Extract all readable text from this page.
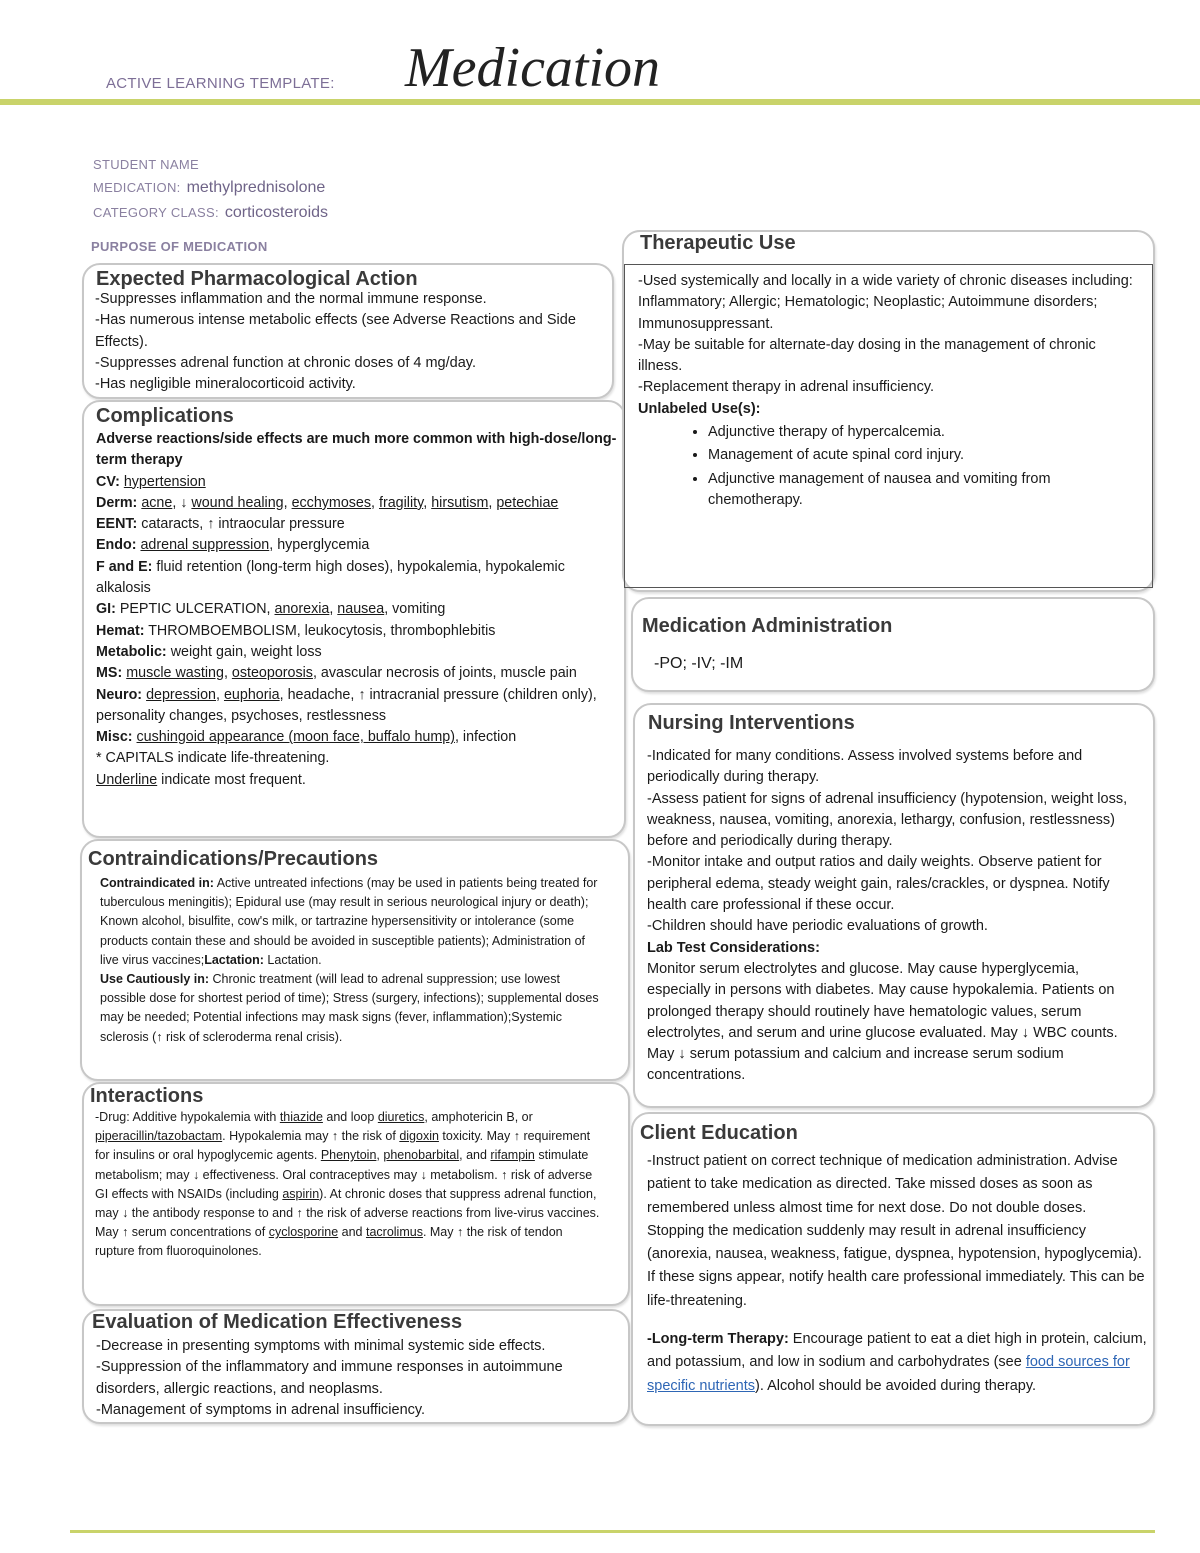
ACTIVE LEARNING TEMPLATE: Medication
STUDENT NAME
MEDICATION: methylprednisolone
CATEGORY CLASS: corticosteroids
PURPOSE OF MEDICATION
Expected Pharmacological Action

-Suppresses inflammation and the normal immune response.

-Has numerous intense metabolic effects (see Adverse Reactions and Side Effects).

-Suppresses adrenal function at chronic doses of 4 mg/day.

-Has negligible mineralocorticoid activity.

Complications

Adverse reactions/side effects are much more common with high-dose/long-term therapy

CV: hypertension

Derm: acne, ↓ wound healing, ecchymoses, fragility, hirsutism, petechiae

EENT: cataracts, ↑ intraocular pressure

Endo: adrenal suppression, hyperglycemia

F and E: fluid retention (long-term high doses), hypokalemia, hypokalemic alkalosis

GI: PEPTIC ULCERATION, anorexia, nausea, vomiting

Hemat: THROMBOEMBOLISM, leukocytosis, thrombophlebitis

Metabolic: weight gain, weight loss

MS: muscle wasting, osteoporosis, avascular necrosis of joints, muscle pain

Neuro: depression, euphoria, headache, ↑ intracranial pressure (children only), personality changes, psychoses, restlessness

Misc: cushingoid appearance (moon face, buffalo hump), infection

* CAPITALS indicate life-threatening.

Underline indicate most frequent.

Contraindications/Precautions

Contraindicated in: Active untreated infections (may be used in patients being treated for tuberculous meningitis); Epidural use (may result in serious neurological injury or death); Known alcohol, bisulfite, cow's milk, or tartrazine hypersensitivity or intolerance (some products contain these and should be avoided in susceptible patients); Administration of live virus vaccines;Lactation: Lactation.

Use Cautiously in: Chronic treatment (will lead to adrenal suppression; use lowest possible dose for shortest period of time); Stress (surgery, infections); supplemental doses may be needed; Potential infections may mask signs (fever, inflammation);Systemic sclerosis (↑ risk of scleroderma renal crisis).

Interactions

-Drug: Additive hypokalemia with thiazide and loop diuretics, amphotericin B, or piperacillin/tazobactam. Hypokalemia may ↑ the risk of digoxin toxicity. May ↑ requirement for insulins or oral hypoglycemic agents. Phenytoin, phenobarbital, and rifampin stimulate metabolism; may ↓ effectiveness. Oral contraceptives may ↓ metabolism. ↑ risk of adverse GI effects with NSAIDs (including aspirin). At chronic doses that suppress adrenal function, may ↓ the antibody response to and ↑ the risk of adverse reactions from live-virus vaccines. May ↑ serum concentrations of cyclosporine and tacrolimus. May ↑ the risk of tendon rupture from fluoroquinolones.

Evaluation of Medication Effectiveness

-Decrease in presenting symptoms with minimal systemic side effects.

-Suppression of the inflammatory and immune responses in autoimmune disorders, allergic reactions, and neoplasms.

-Management of symptoms in adrenal insufficiency.

Therapeutic Use

-Used systemically and locally in a wide variety of chronic diseases including: Inflammatory; Allergic; Hematologic; Neoplastic; Autoimmune disorders; Immunosuppressant.

-May be suitable for alternate-day dosing in the management of chronic illness.

-Replacement therapy in adrenal insufficiency.

Unlabeled Use(s):

• Adjunctive therapy of hypercalcemia.
• Management of acute spinal cord injury.
• Adjunctive management of nausea and vomiting from chemotherapy.
Medication Administration
-PO; -IV; -IM
Nursing Interventions

-Indicated for many conditions. Assess involved systems before and periodically during therapy.

-Assess patient for signs of adrenal insufficiency (hypotension, weight loss, weakness, nausea, vomiting, anorexia, lethargy, confusion, restlessness) before and periodically during therapy.

-Monitor intake and output ratios and daily weights. Observe patient for peripheral edema, steady weight gain, rales/crackles, or dyspnea. Notify health care professional if these occur.

-Children should have periodic evaluations of growth.

Lab Test Considerations:

Monitor serum electrolytes and glucose. May cause hyperglycemia, especially in persons with diabetes. May cause hypokalemia. Patients on prolonged therapy should routinely have hematologic values, serum electrolytes, and serum and urine glucose evaluated. May ↓ WBC counts. May ↓ serum potassium and calcium and increase serum sodium concentrations.

Client Education

-Instruct patient on correct technique of medication administration. Advise patient to take medication as directed. Take missed doses as soon as remembered unless almost time for next dose. Do not double doses. Stopping the medication suddenly may result in adrenal insufficiency (anorexia, nausea, weakness, fatigue, dyspnea, hypotension, hypoglycemia). If these signs appear, notify health care professional immediately. This can be life-threatening.

-Long-term Therapy: Encourage patient to eat a diet high in protein, calcium, and potassium, and low in sodium and carbohydrates (see food sources for specific nutrients). Alcohol should be avoided during therapy.
